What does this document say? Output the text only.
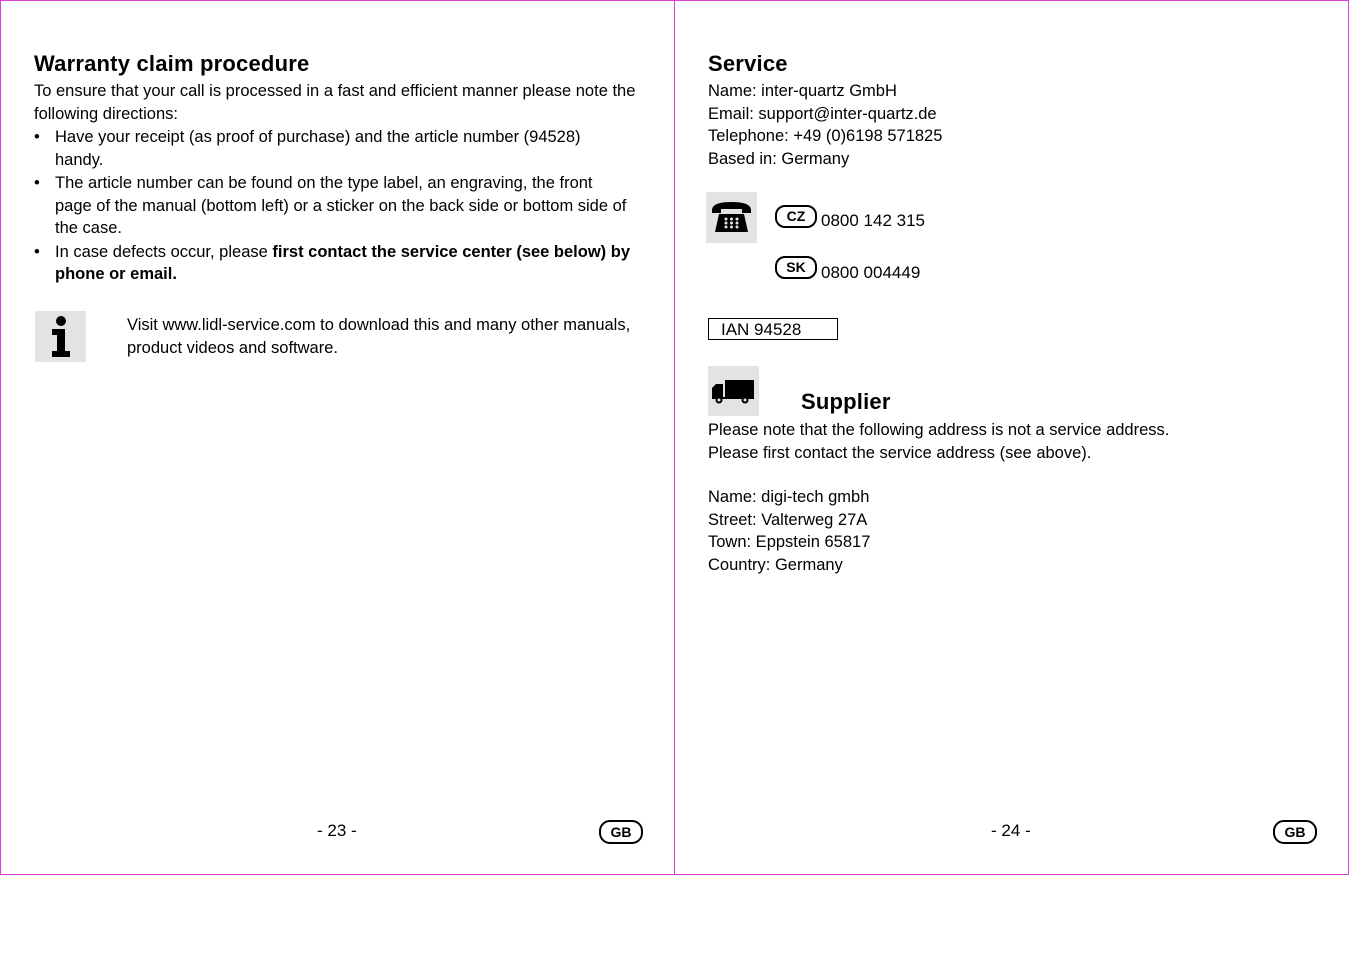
Warranty claim procedure
To ensure that your call is processed in a fast and efficient manner please note the
following directions:
• Have your receipt (as proof of purchase) and the article number (94528)
handy.
• The article number can be found on the type label, an engraving, the front
page of the manual (bottom left) or a sticker on the back side or bottom side of
the case.
• In case defects occur, please first contact the service center (see below) by
phone or email.
Visit www.lidl-service.com to download this and many other manuals,
product videos and software.
- 23 -	GB
Service
Name: inter-quartz GmbH
Email: support@inter-quartz.de
Telephone: +49 (0)6198 571825
Based in: Germany
CZ 0800 142 315
SK 0800 004449
IAN 94528
Supplier
Please note that the following address is not a service address.
Please first contact the service address (see above).
Name: digi-tech gmbh
Street: Valterweg 27A
Town: Eppstein 65817
Country: Germany
- 24 -	GB
